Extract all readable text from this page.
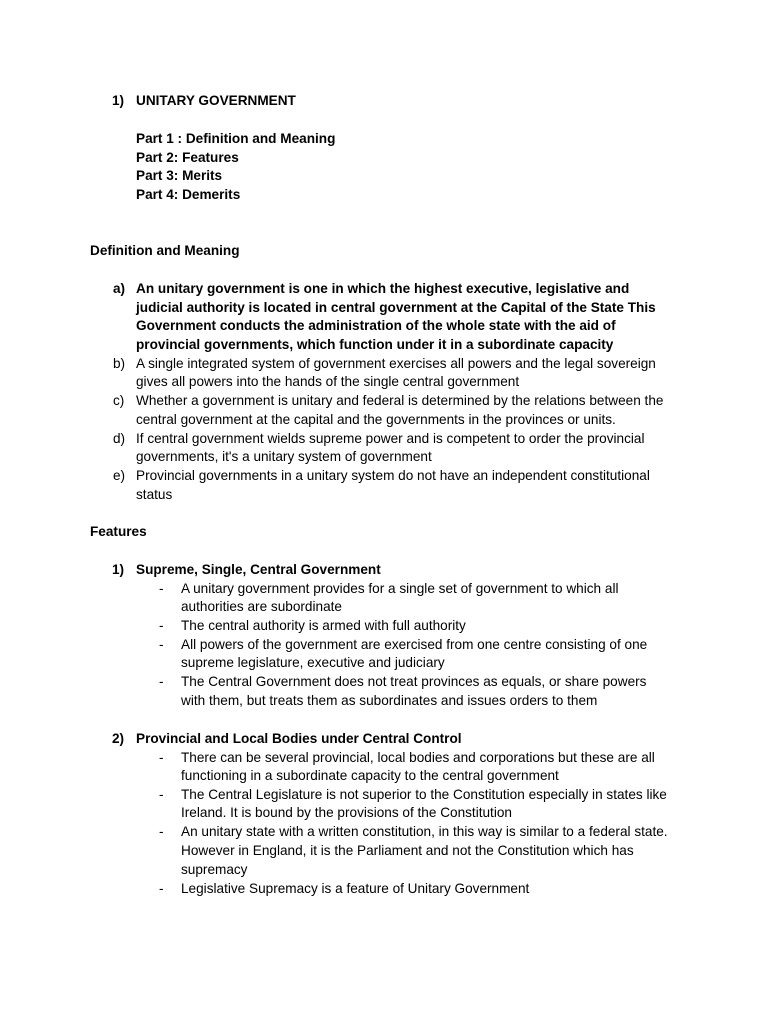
1) UNITARY GOVERNMENT
Part 1 : Definition and Meaning
Part 2: Features
Part 3: Merits
Part 4: Demerits
Definition and Meaning
a) An unitary government is one in which the highest executive, legislative and
judicial authority is located in central government at the Capital of the State This
Government conducts the administration of the whole state with the aid of
provincial governments, which function under it in a subordinate capacity
b) A single integrated system of government exercises all powers and the legal sovereign
gives all powers into the hands of the single central government
c) Whether a government is unitary and federal is determined by the relations between the
central government at the capital and the governments in the provinces or units.
d) If central government wields supreme power and is competent to order the provincial
governments, it's a unitary system of government
e) Provincial governments in a unitary system do not have an independent constitutional
status
Features
1) Supreme, Single, Central Government
- A unitary government provides for a single set of government to which all
authorities are subordinate
- The central authority is armed with full authority
- All powers of the government are exercised from one centre consisting of one
supreme legislature, executive and judiciary
- The Central Government does not treat provinces as equals, or share powers
with them, but treats them as subordinates and issues orders to them
2) Provincial and Local Bodies under Central Control
- There can be several provincial, local bodies and corporations but these are all
functioning in a subordinate capacity to the central government
- The Central Legislature is not superior to the Constitution especially in states like
Ireland. It is bound by the provisions of the Constitution
- An unitary state with a written constitution, in this way is similar to a federal state.
However in England, it is the Parliament and not the Constitution which has
supremacy
- Legislative Supremacy is a feature of Unitary Government
